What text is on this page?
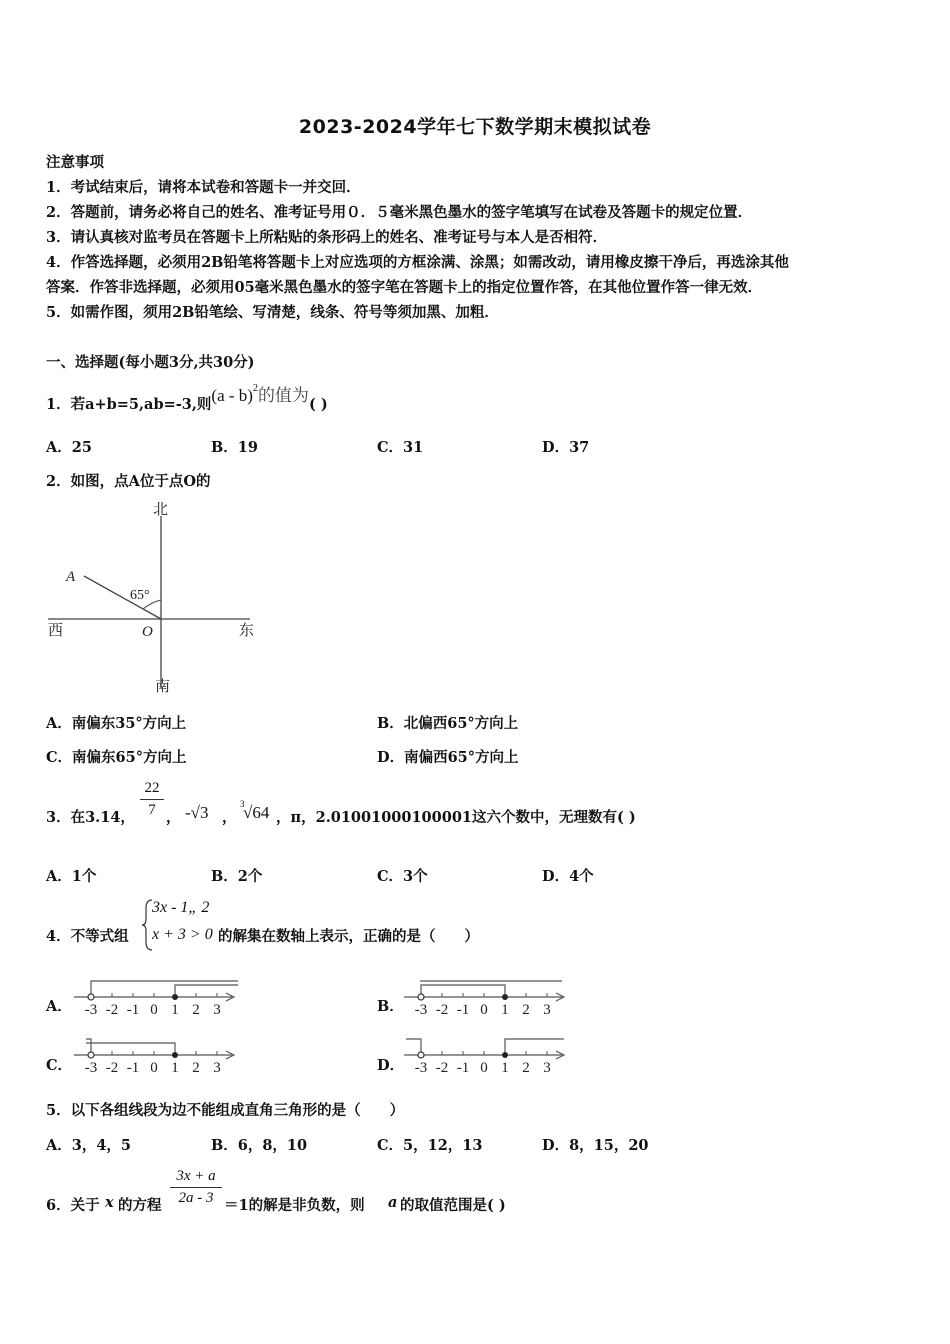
2023-2024学年七下数学期末模拟试卷
注意事项
1．考试结束后，请将本试卷和答题卡一并交回．
2．答题前，请务必将自己的姓名、准考证号用０．５毫米黑色墨水的签字笔填写在试卷及答题卡的规定位置．
3．请认真核对监考员在答题卡上所粘贴的条形码上的姓名、准考证号与本人是否相符．
4．作答选择题，必须用2B铅笔将答题卡上对应选项的方框涂满、涂黑；如需改动，请用橡皮擦干净后，再选涂其他
答案．作答非选择题，必须用05毫米黑色墨水的签字笔在答题卡上的指定位置作答，在其他位置作答一律无效．
5．如需作图，须用2B铅笔绘、写清楚，线条、符号等须加黑、加粗．
一、选择题(每小题3分,共30分)
1．若a+b=5,ab=-3,则(a - b)$^2$的值为( )
A．25	B．19	C．31	D．37
2．如图，点A位于点O的
北
南
东
西
A
O
65°
A．南偏东35°方向上	B．北偏西65°方向上
C．南偏东65°方向上	D．南偏西65°方向上
3．在3.14，
22
7 ， -√3 ，
3
√64 ，π，2.01001000100001这六个数中，无理数有( )
A．1个	B．2个	C．3个	D．4个
4．不等式组
3x - 1„ 2
x + 3 > 0 的解集在数轴上表示，正确的是（　　）
A．	B．
C．	D．
-3 -2 -1 0 1 2 3	-3 -2 -1 0 1 2 3
-3 -2 -1 0 1 2 3	-3 -2 -1 0 1 2 3
5．以下各组线段为边不能组成直角三角形的是（　　）
A．3，4，5	B．6，8，10	C．5，12，13	D．8，15，20
6．关于 x 的方程
3x + a
2a - 3 ＝1的解是非负数，则 a 的取值范围是( )
